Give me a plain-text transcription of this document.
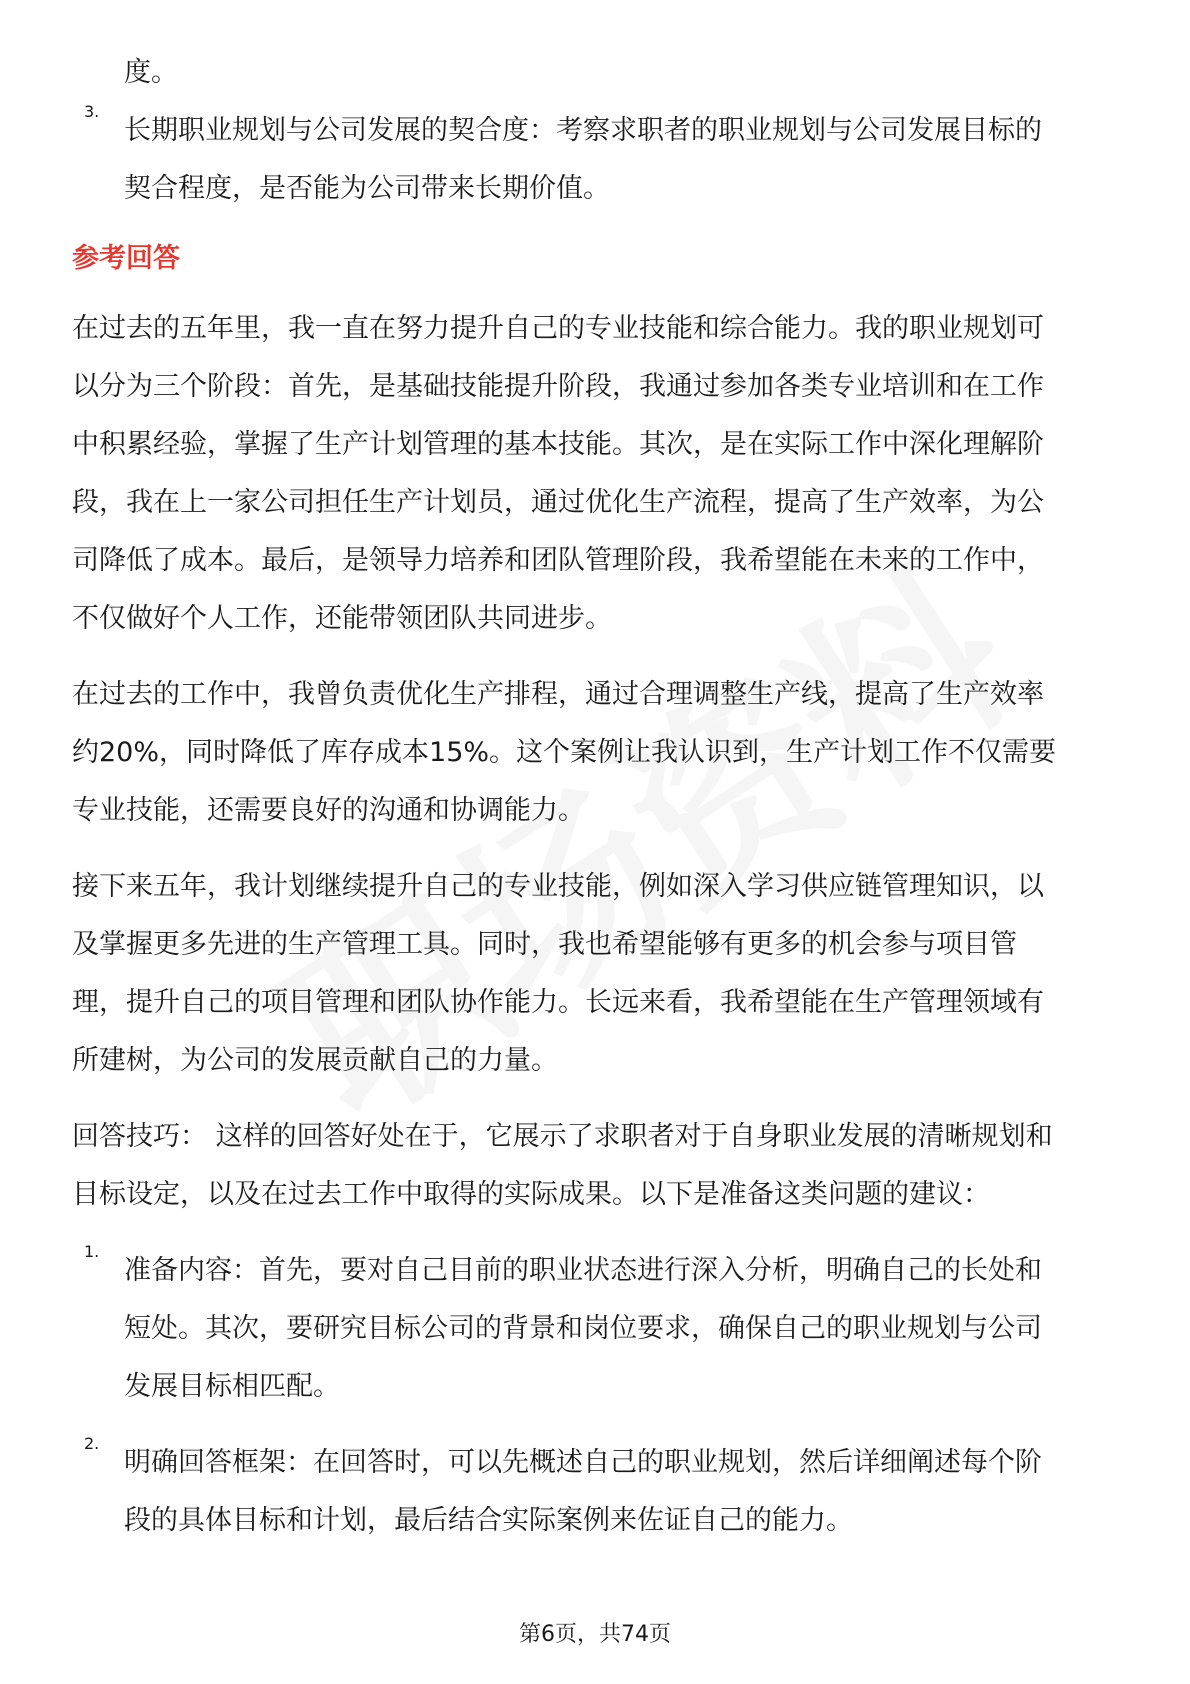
度。
3.
长期职业规划与公司发展的契合度：考察求职者的职业规划与公司发展目标的
契合程度，是否能为公司带来长期价值。
参考回答
在过去的五年里，我一直在努力提升自己的专业技能和综合能力。我的职业规划可
以分为三个阶段：首先，是基础技能提升阶段，我通过参加各类专业培训和在工作
中积累经验，掌握了生产计划管理的基本技能。其次，是在实际工作中深化理解阶
段，我在上一家公司担任生产计划员，通过优化生产流程，提高了生产效率，为公
司降低了成本。最后，是领导力培养和团队管理阶段，我希望能在未来的工作中，
不仅做好个人工作，还能带领团队共同进步。
在过去的工作中，我曾负责优化生产排程，通过合理调整生产线，提高了生产效率
约20%，同时降低了库存成本15%。这个案例让我认识到，生产计划工作不仅需要
专业技能，还需要良好的沟通和协调能力。
接下来五年，我计划继续提升自己的专业技能，例如深入学习供应链管理知识，以
及掌握更多先进的生产管理工具。同时，我也希望能够有更多的机会参与项目管
理，提升自己的项目管理和团队协作能力。长远来看，我希望能在生产管理领域有
所建树，为公司的发展贡献自己的力量。
回答技巧： 这样的回答好处在于，它展示了求职者对于自身职业发展的清晰规划和
目标设定，以及在过去工作中取得的实际成果。以下是准备这类问题的建议：
1.
准备内容：首先，要对自己目前的职业状态进行深入分析，明确自己的长处和
短处。其次，要研究目标公司的背景和岗位要求，确保自己的职业规划与公司
发展目标相匹配。
2.
明确回答框架：在回答时，可以先概述自己的职业规划，然后详细阐述每个阶
段的具体目标和计划，最后结合实际案例来佐证自己的能力。
第6页，共74页
